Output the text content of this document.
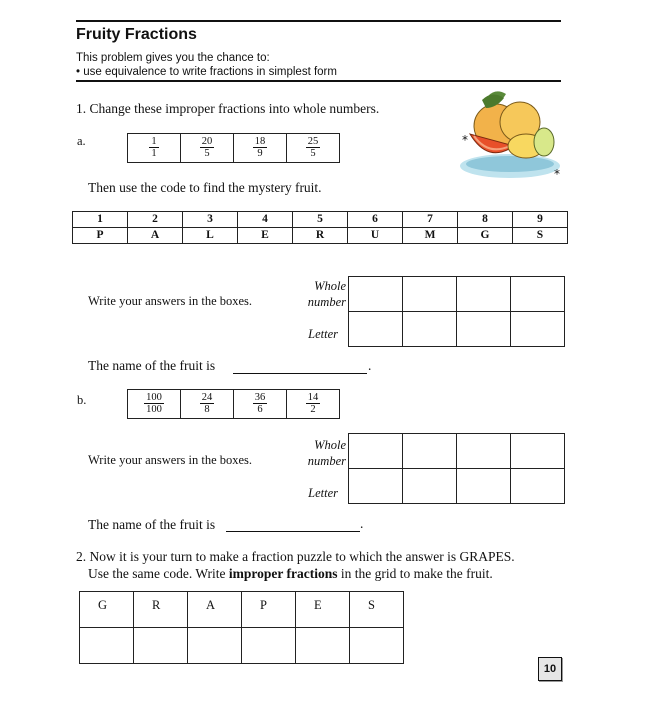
Fruity Fractions
This problem gives you the chance to:
• use equivalence to write fractions in simplest form
1. Change these improper fractions into whole numbers.
*
*
a.	$\frac{1}{1}$	$\frac{20}{5}$	$\frac{18}{9}$	$\frac{25}{5}$
Then use the code to find the mystery fruit.
1	2	3	4	5	6	7	8	9
P	A	L	E	R	U	M	G	S
Write your answers in the boxes.
Whole
number
Letter

The name of the fruit is	.
b.	$\frac{100}{100}$	$\frac{24}{8}$	$\frac{36}{6}$	$\frac{14}{2}$
Write your answers in the boxes.
Whole
number
Letter

The name of the fruit is	.
2. Now it is your turn to make a fraction puzzle to which the answer is GRAPES.
Use the same code. Write improper fractions in the grid to make the fruit.
G	R	A	P	E	S

10
